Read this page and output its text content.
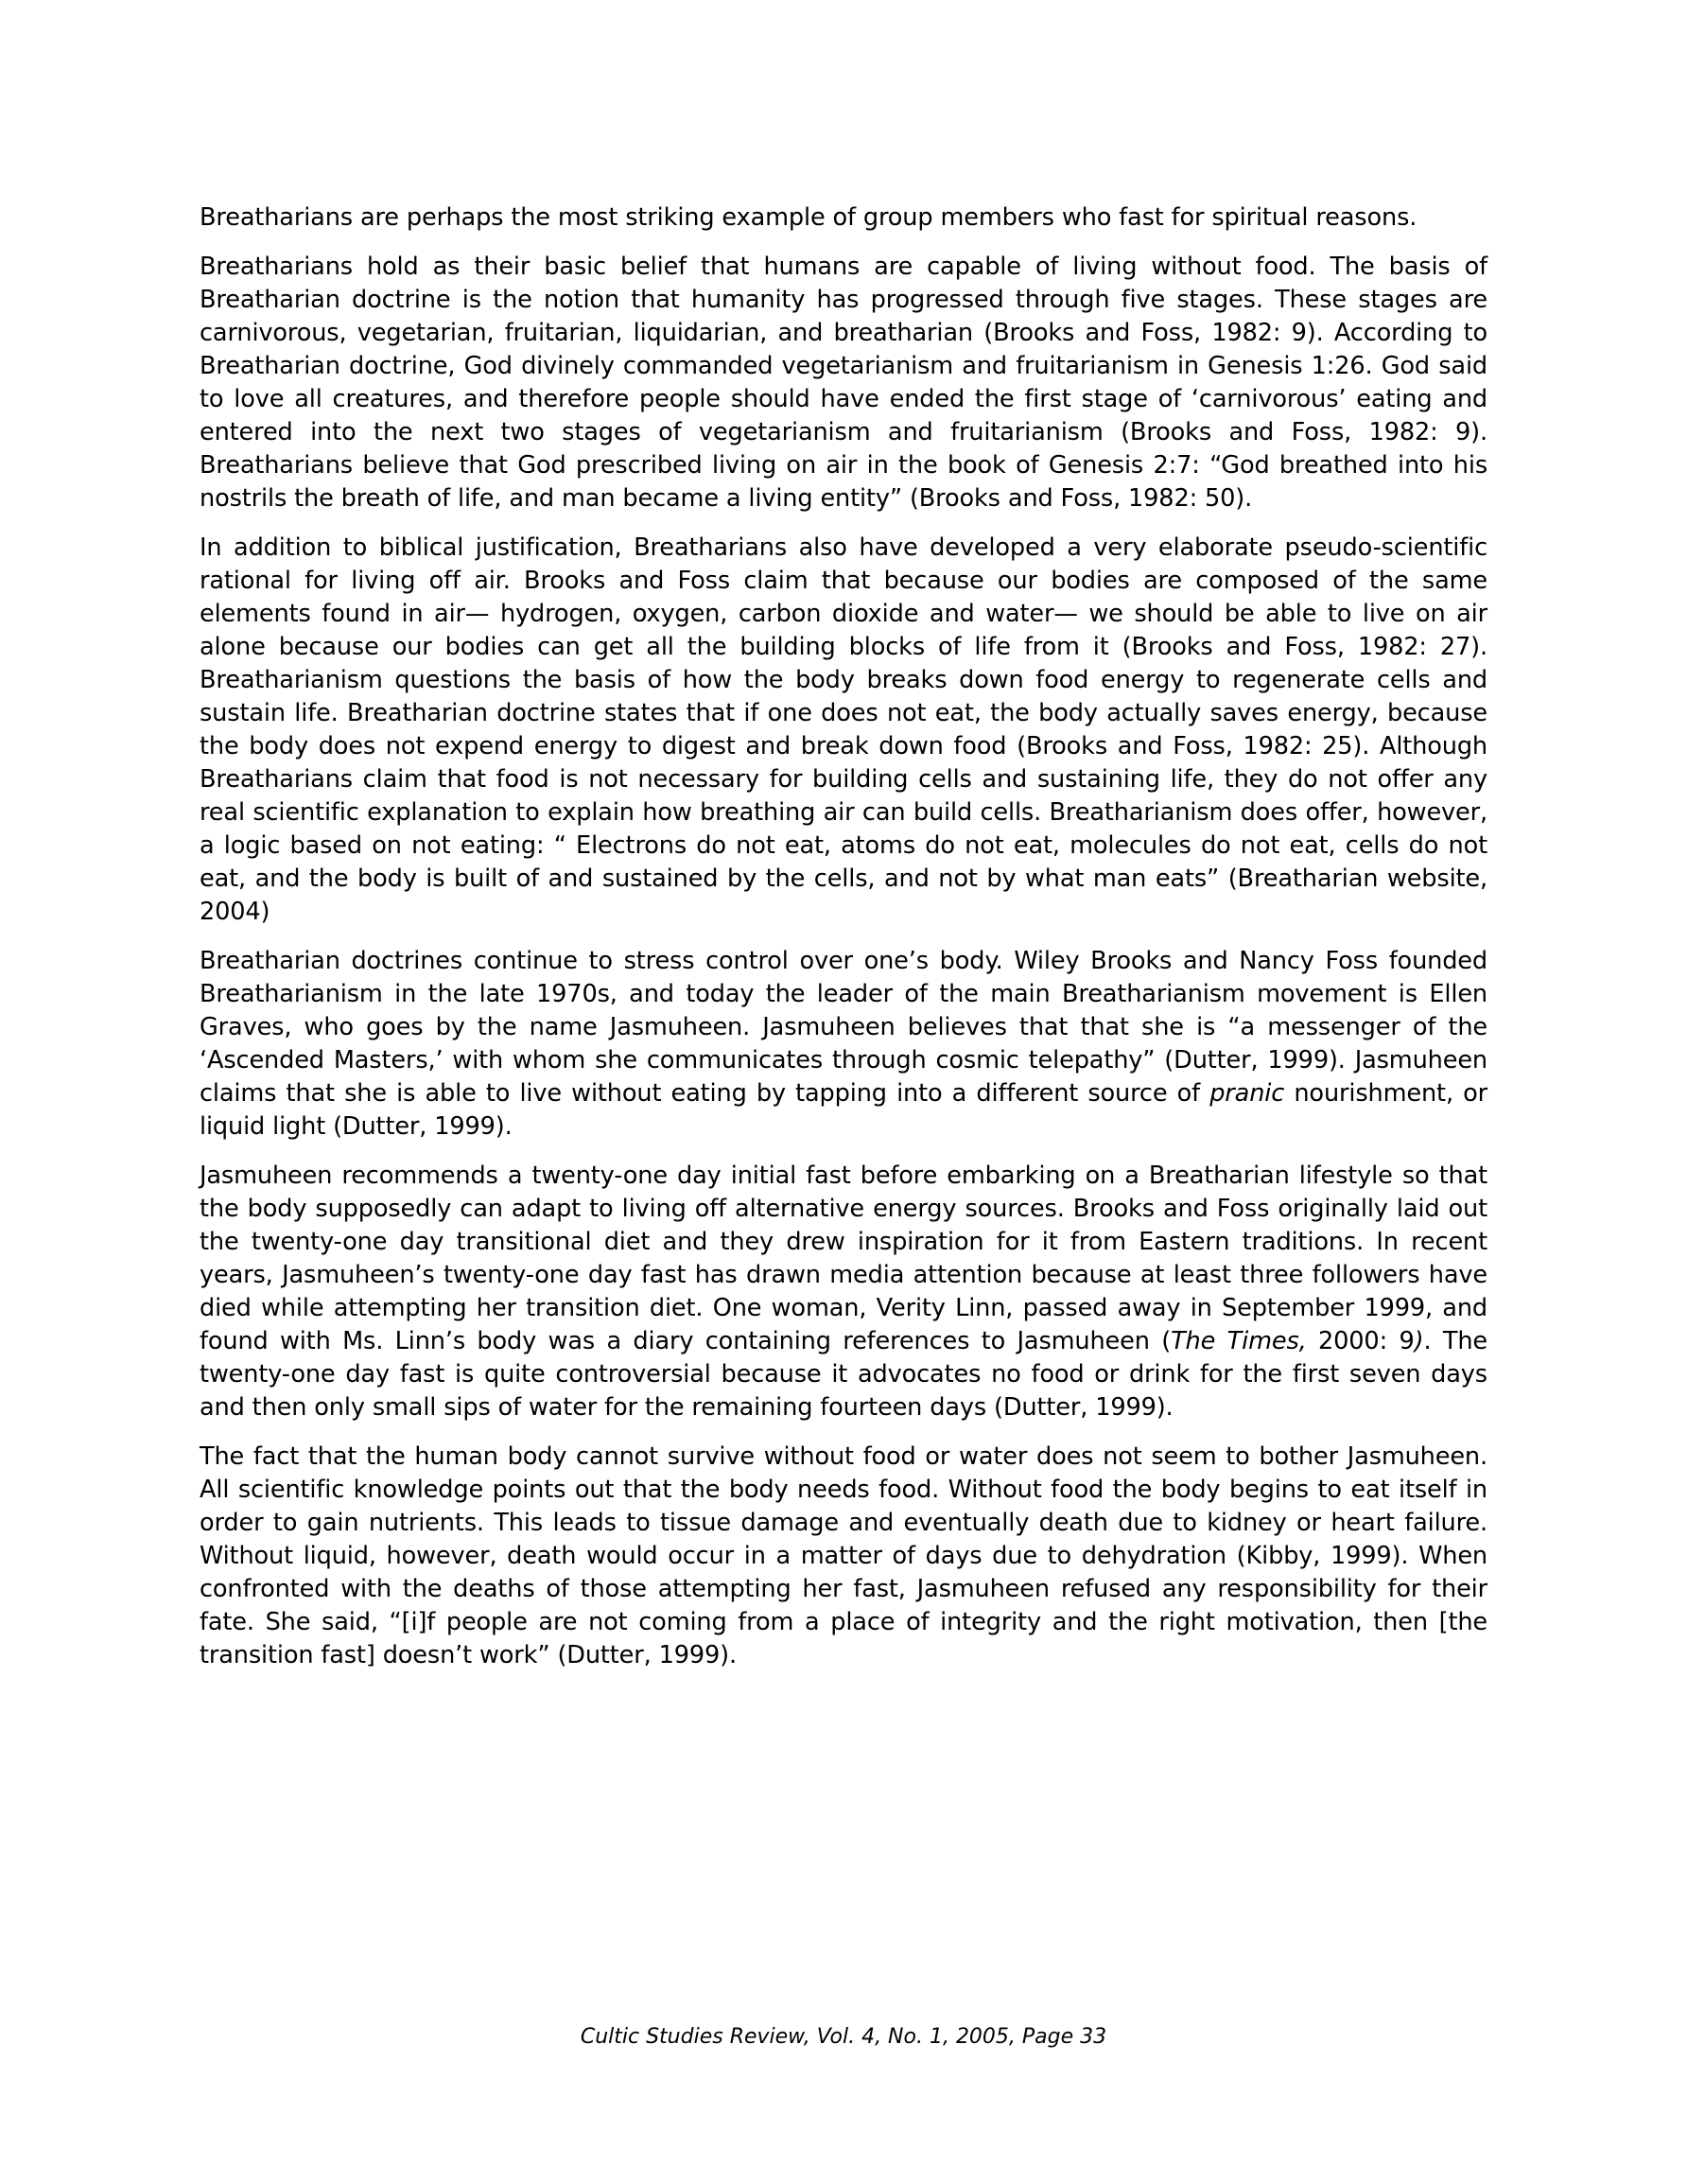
Breatharians are perhaps the most striking example of group members who fast for spiritual reasons.

Breatharians hold as their basic belief that humans are capable of living without food. The basis of Breatharian doctrine is the notion that humanity has progressed through five stages. These stages are carnivorous, vegetarian, fruitarian, liquidarian, and breatharian (Brooks and Foss, 1982: 9). According to Breatharian doctrine, God divinely commanded vegetarianism and fruitarianism in Genesis 1:26. God said to love all creatures, and therefore people should have ended the first stage of ‘carnivorous’ eating and entered into the next two stages of vegetarianism and fruitarianism (Brooks and Foss, 1982: 9). Breatharians believe that God prescribed living on air in the book of Genesis 2:7: “God breathed into his nostrils the breath of life, and man became a living entity” (Brooks and Foss, 1982: 50).

In addition to biblical justification, Breatharians also have developed a very elaborate pseudo-scientific rational for living off air. Brooks and Foss claim that because our bodies are composed of the same elements found in air— hydrogen, oxygen, carbon dioxide and water— we should be able to live on air alone because our bodies can get all the building blocks of life from it (Brooks and Foss, 1982: 27). Breatharianism questions the basis of how the body breaks down food energy to regenerate cells and sustain life. Breatharian doctrine states that if one does not eat, the body actually saves energy, because the body does not expend energy to digest and break down food (Brooks and Foss, 1982: 25). Although Breatharians claim that food is not necessary for building cells and sustaining life, they do not offer any real scientific explanation to explain how breathing air can build cells. Breatharianism does offer, however, a logic based on not eating: “ Electrons do not eat, atoms do not eat, molecules do not eat, cells do not eat, and the body is built of and sustained by the cells, and not by what man eats” (Breatharian website, 2004)

Breatharian doctrines continue to stress control over one’s body. Wiley Brooks and Nancy Foss founded Breatharianism in the late 1970s, and today the leader of the main Breatharianism movement is Ellen Graves, who goes by the name Jasmuheen. Jasmuheen believes that that she is “a messenger of the ‘Ascended Masters,’ with whom she communicates through cosmic telepathy” (Dutter, 1999). Jasmuheen claims that she is able to live without eating by tapping into a different source of pranic nourishment, or liquid light (Dutter, 1999).

Jasmuheen recommends a twenty-one day initial fast before embarking on a Breatharian lifestyle so that the body supposedly can adapt to living off alternative energy sources. Brooks and Foss originally laid out the twenty-one day transitional diet and they drew inspiration for it from Eastern traditions. In recent years, Jasmuheen’s twenty-one day fast has drawn media attention because at least three followers have died while attempting her transition diet. One woman, Verity Linn, passed away in September 1999, and found with Ms. Linn’s body was a diary containing references to Jasmuheen (The Times, 2000: 9). The twenty-one day fast is quite controversial because it advocates no food or drink for the first seven days and then only small sips of water for the remaining fourteen days (Dutter, 1999).

The fact that the human body cannot survive without food or water does not seem to bother Jasmuheen. All scientific knowledge points out that the body needs food. Without food the body begins to eat itself in order to gain nutrients. This leads to tissue damage and eventually death due to kidney or heart failure. Without liquid, however, death would occur in a matter of days due to dehydration (Kibby, 1999). When confronted with the deaths of those attempting her fast, Jasmuheen refused any responsibility for their fate. She said, “[i]f people are not coming from a place of integrity and the right motivation, then [the transition fast] doesn’t work” (Dutter, 1999).

Cultic Studies Review, Vol. 4, No. 1, 2005, Page 33
